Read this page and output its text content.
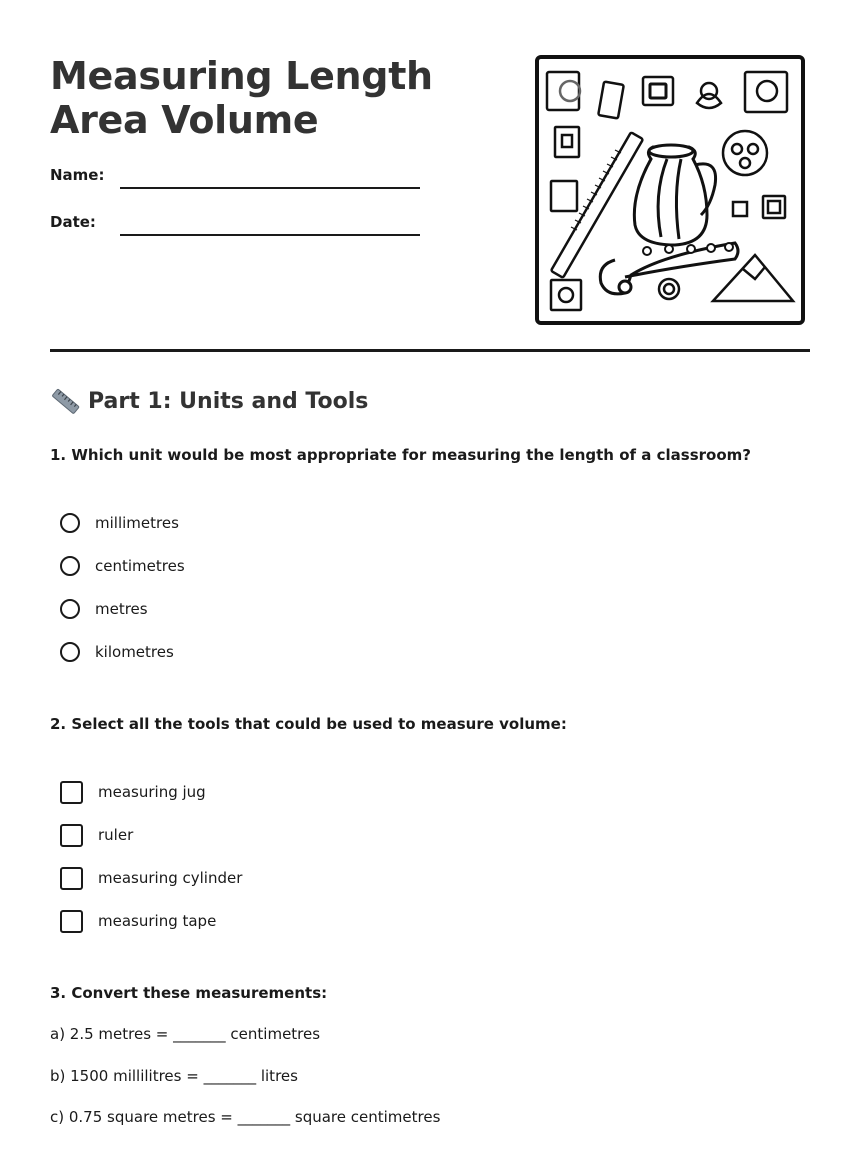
Measuring Length Area Volume
Name:
Date:
Part 1: Units and Tools
1. Which unit would be most appropriate for measuring the length of a classroom?
millimetres
centimetres
metres
kilometres
2. Select all the tools that could be used to measure volume:
measuring jug
ruler
measuring cylinder
measuring tape
3. Convert these measurements:
a) 2.5 metres = _______ centimetres
b) 1500 millilitres = _______ litres
c) 0.75 square metres = _______ square centimetres
